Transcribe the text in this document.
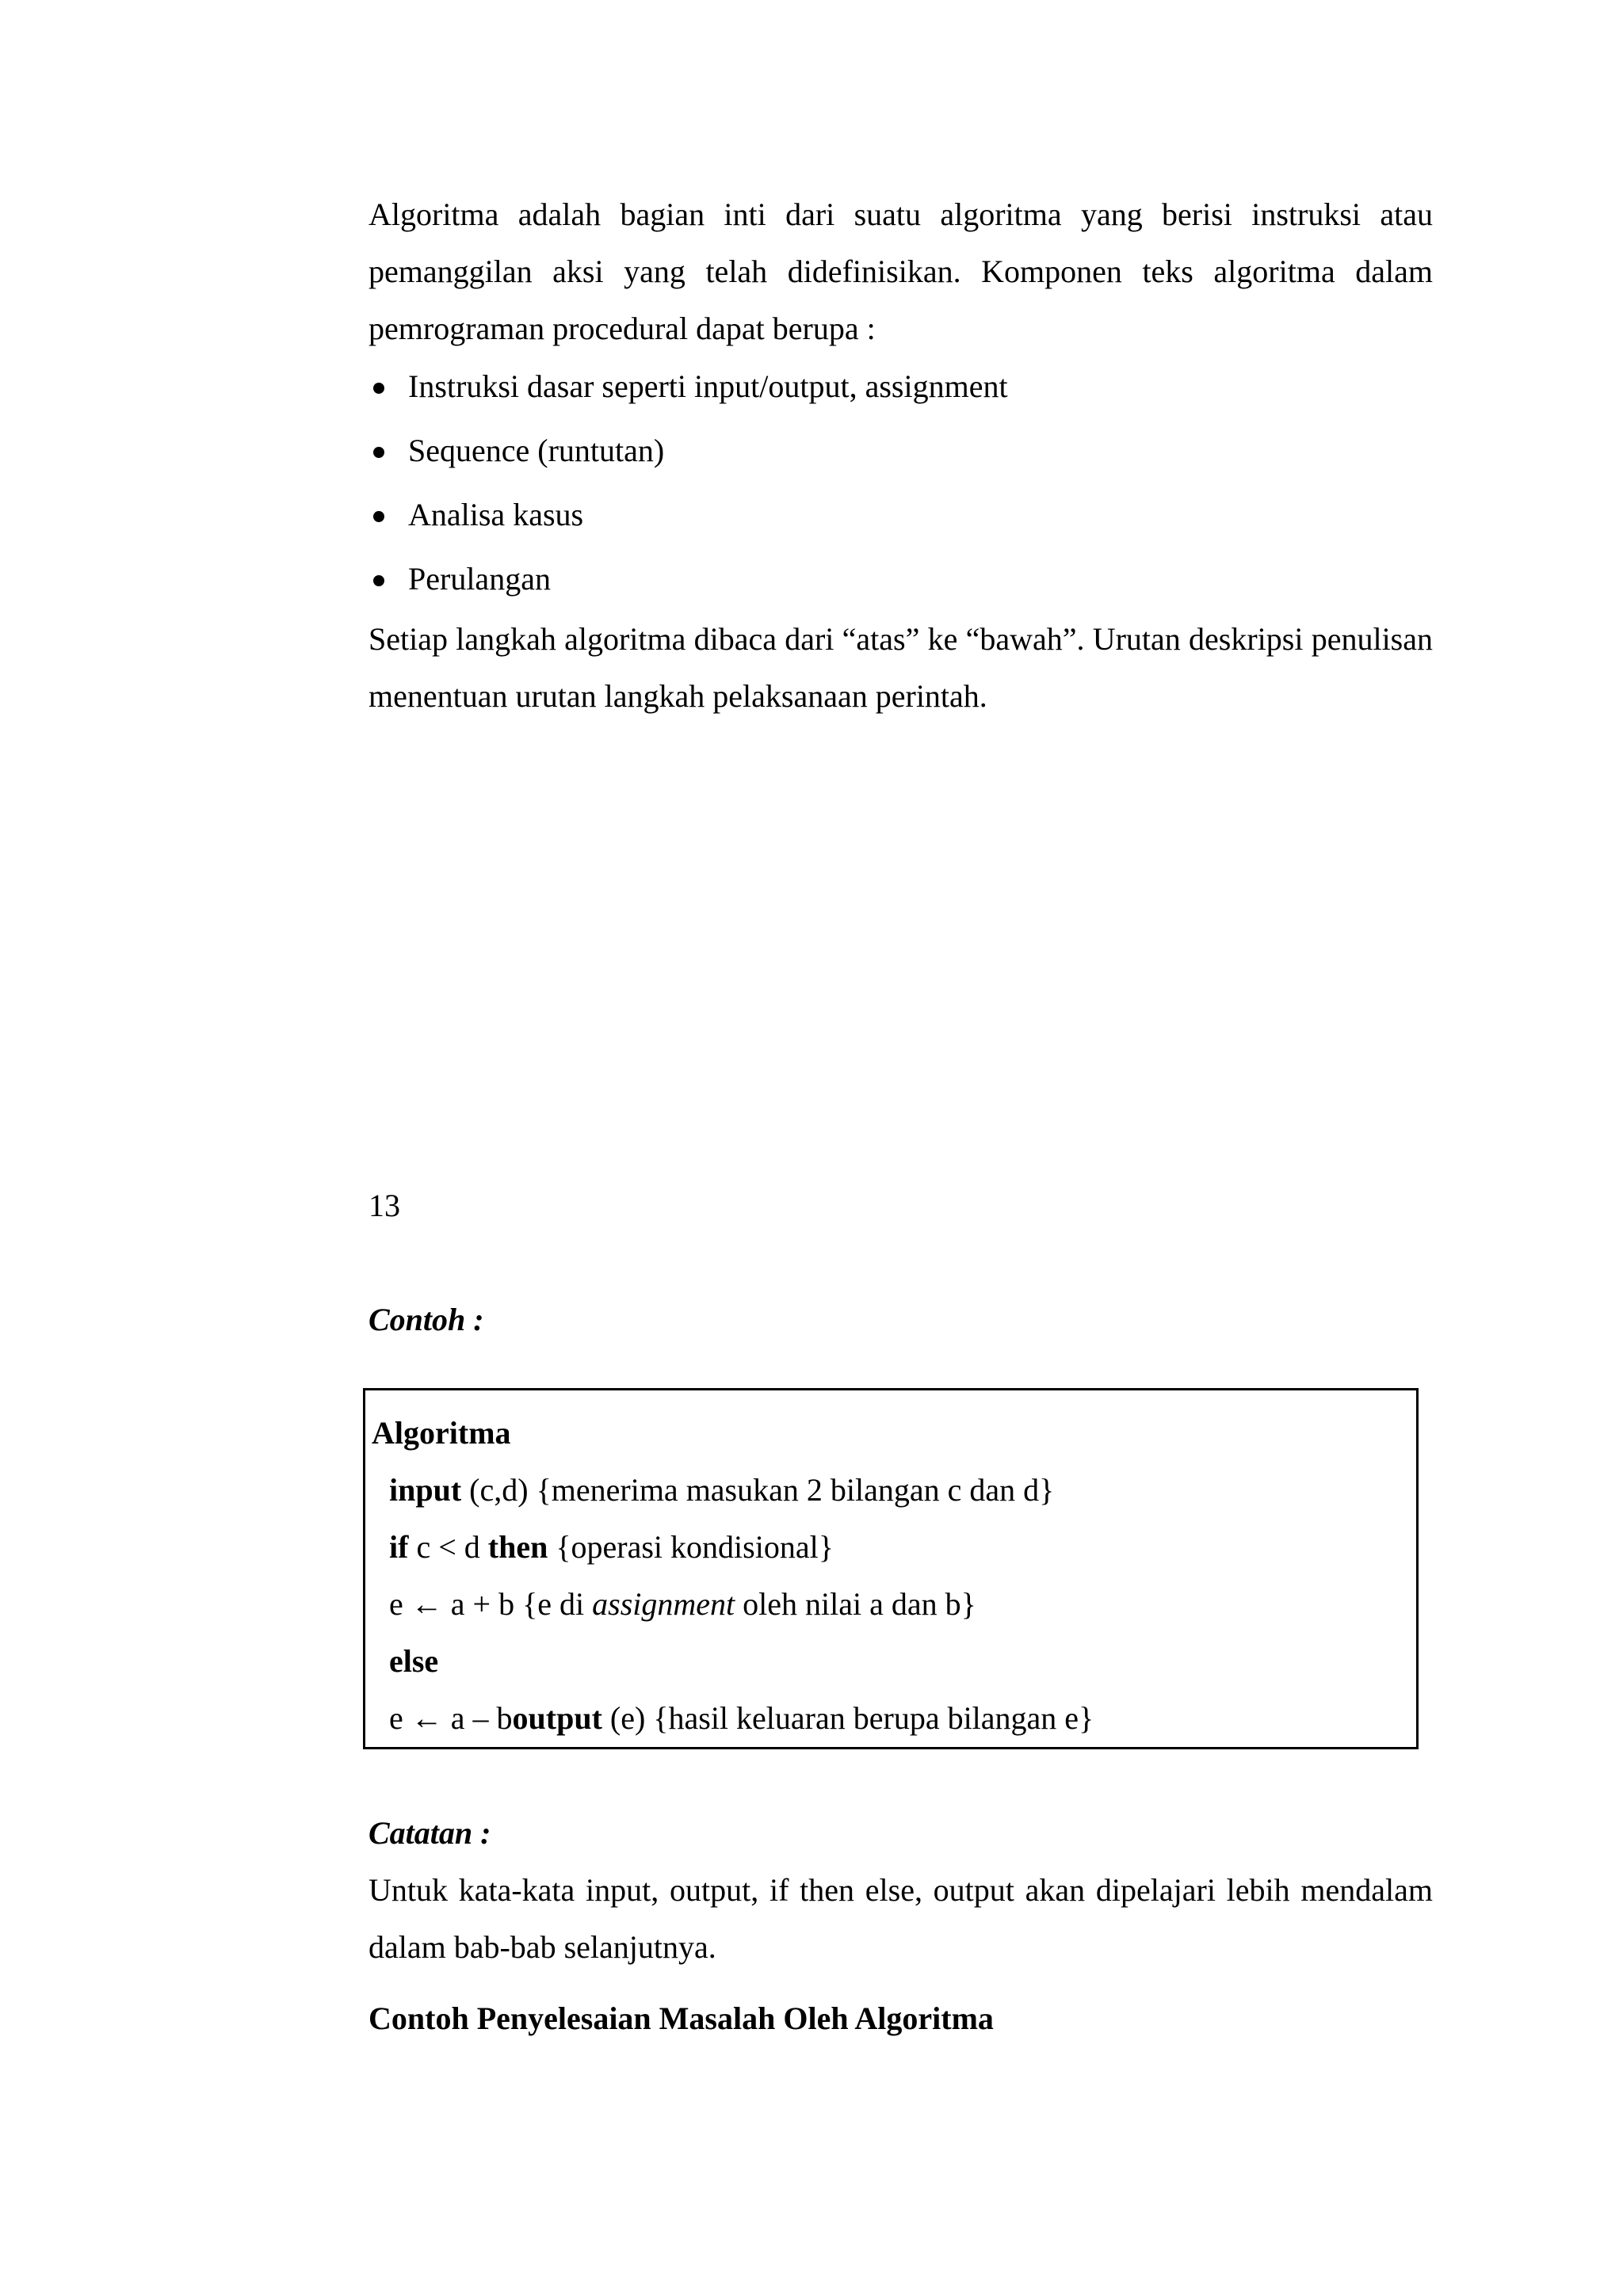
Algoritma adalah bagian inti dari suatu algoritma yang berisi instruksi atau pemanggilan aksi yang telah didefinisikan. Komponen teks algoritma dalam pemrograman procedural dapat berupa :

Instruksi dasar seperti input/output, assignment
Sequence (runtutan)
Analisa kasus
Perulangan

Setiap langkah algoritma dibaca dari “atas” ke “bawah”. Urutan deskripsi penulisan menentuan urutan langkah pelaksanaan perintah.

13
Contoh :
Algoritma
input (c,d) {menerima masukan 2 bilangan c dan d}
if c < d then {operasi kondisional}
e ← a + b {e di assignment oleh nilai a dan b}
else
e ← a – boutput (e) {hasil keluaran berupa bilangan e}
Catatan :

Untuk kata-kata input, output, if then else, output akan dipelajari lebih mendalam dalam bab-bab selanjutnya.

Contoh Penyelesaian Masalah Oleh Algoritma
